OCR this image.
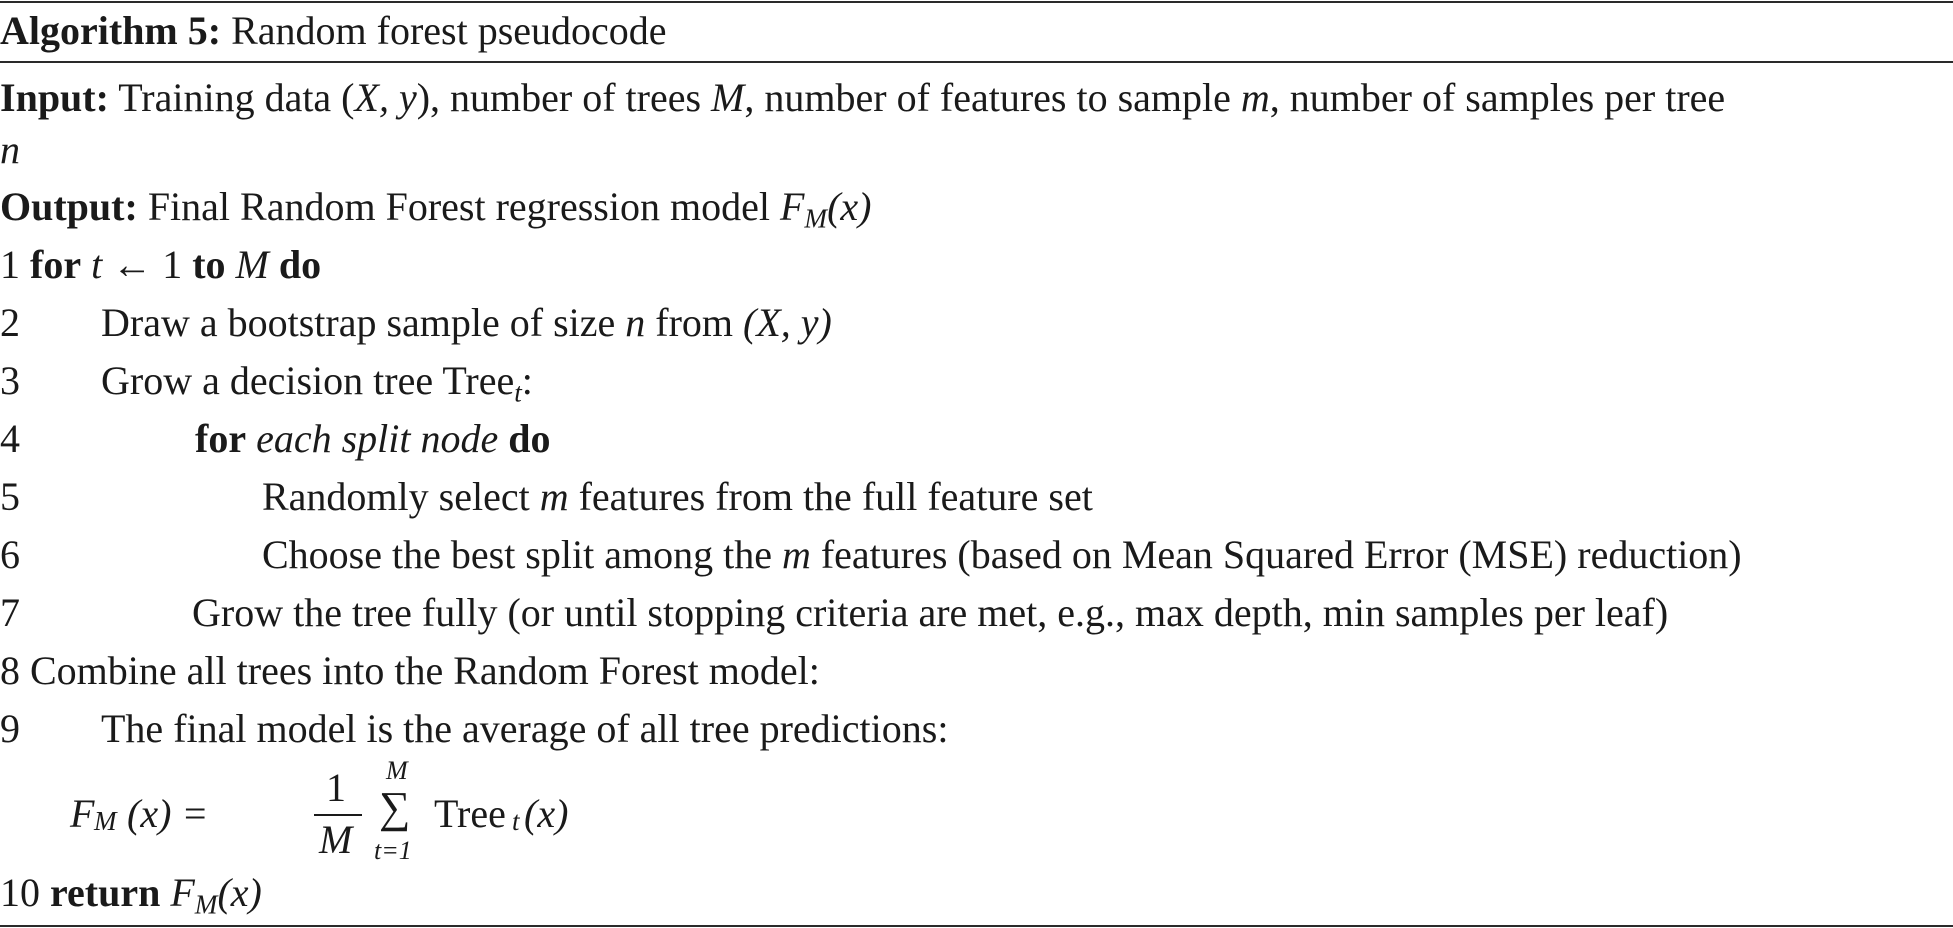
Algorithm 5: Random forest pseudocode
Input: Training data (X, y), number of trees M, number of features to sample m, number of samples per tree
n
Output: Final Random Forest regression model $F_M(x)$
1 for t ← 1 to M do
2 Draw a bootstrap sample of size n from (X, y)
3 Grow a decision tree Tree$_t$:
4	for each split node do
5	Randomly select m features from the full feature set
6	Choose the best split among the m features (based on Mean Squared Error (MSE) reduction)
7	Grow the tree fully (or until stopping criteria are met, e.g., max depth, min samples per leaf)
8 Combine all trees into the Random Forest model:
9 The final model is the average of all tree predictions:
F M (x) =
1
M
M
∑
t=1
Tree t (x)
10 return $F_M(x)$
